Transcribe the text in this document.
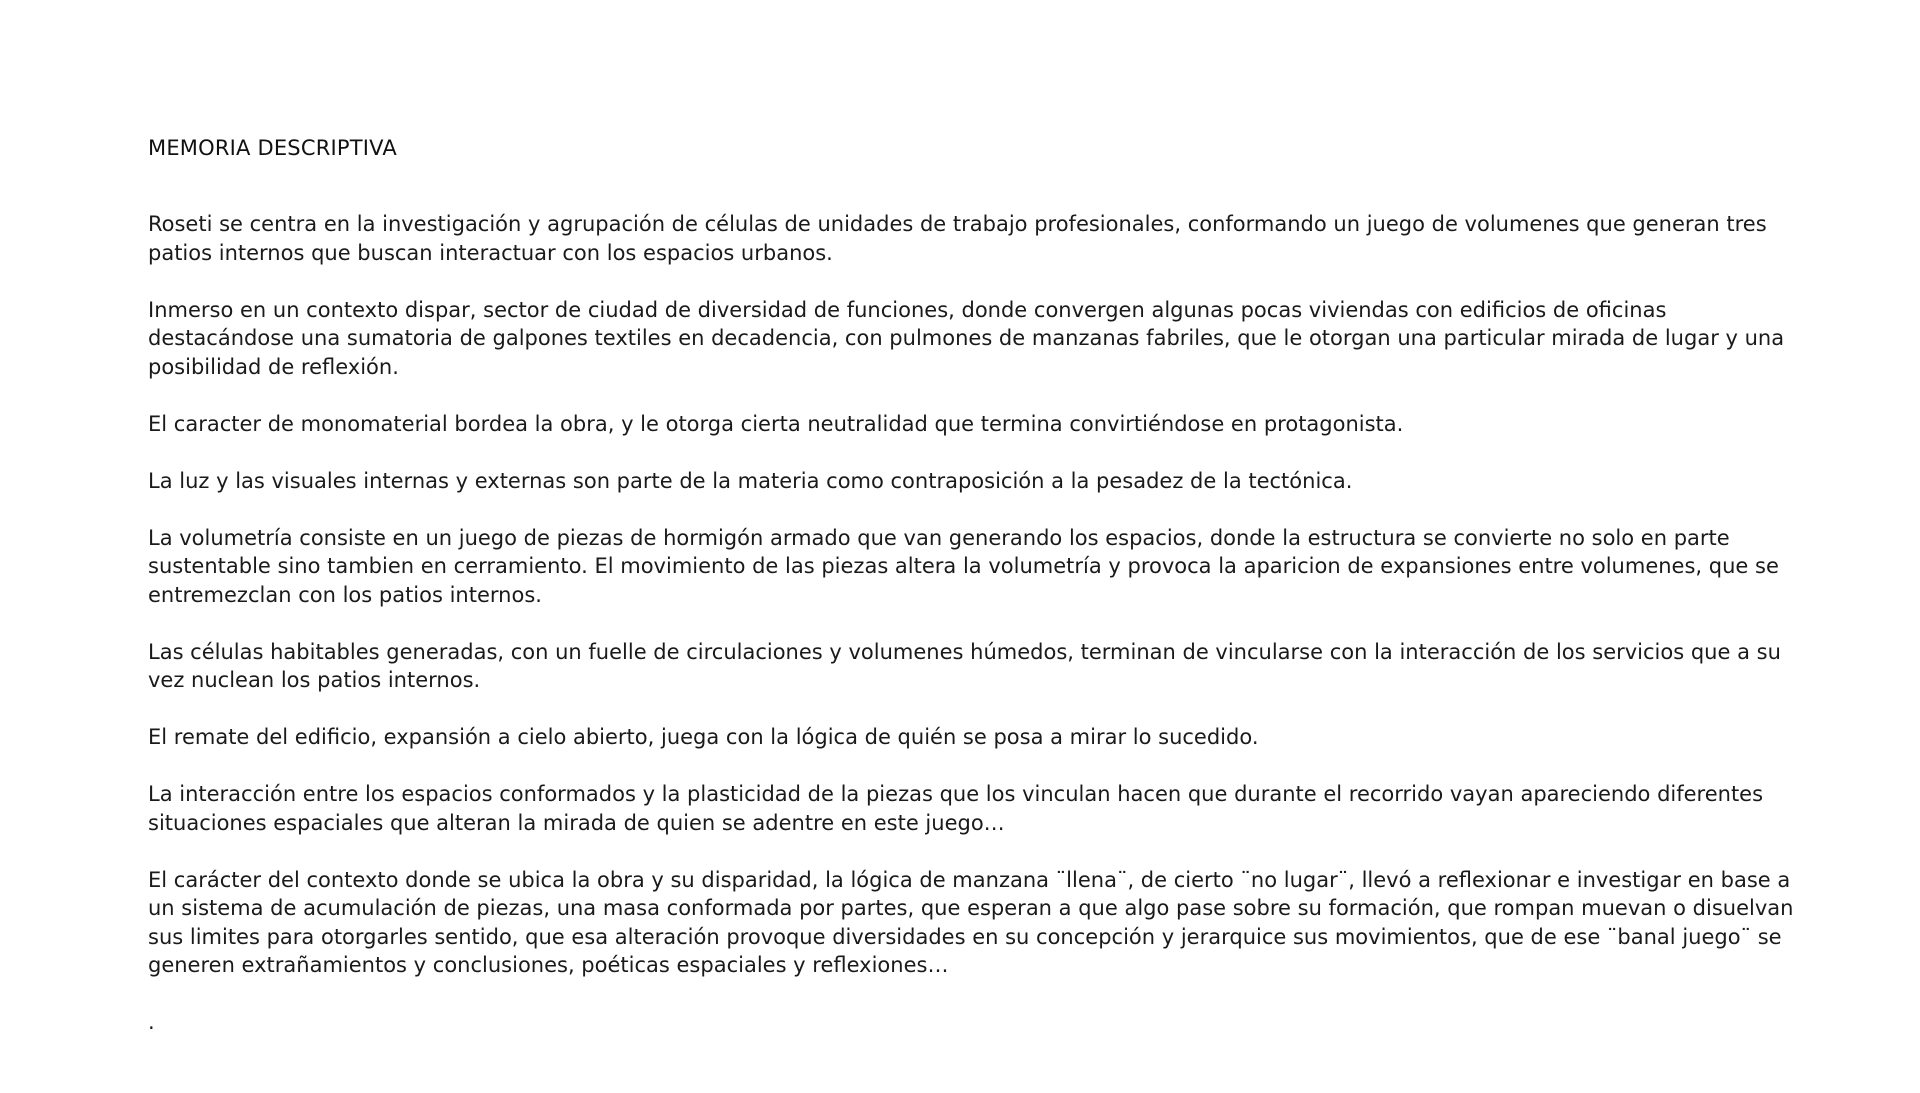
MEMORIA DESCRIPTIVA

Roseti se centra en la investigación y agrupación de células de unidades de trabajo profesionales, conformando un juego de volumenes que generan tres patios internos que buscan interactuar con los espacios urbanos.

Inmerso en un contexto dispar, sector de ciudad de diversidad de funciones, donde convergen algunas pocas viviendas con edificios de oficinas destacándose una sumatoria de galpones textiles en decadencia, con pulmones de manzanas fabriles, que le otorgan una particular mirada de lugar y una posibilidad de reflexión.

El caracter de monomaterial bordea la obra, y le otorga cierta neutralidad que termina convirtiéndose en protagonista.

La luz y las visuales internas y externas son parte de la materia como contraposición a la pesadez de la tectónica.

La volumetría consiste en un juego de piezas de hormigón armado que van generando los espacios, donde la estructura se convierte no solo en parte sustentable sino tambien en cerramiento. El movimiento de las piezas altera la volumetría y provoca la aparicion de expansiones entre volumenes, que se entremezclan con los patios internos.

Las células habitables generadas, con un fuelle de circulaciones y volumenes húmedos, terminan de vincularse con la interacción de los servicios que a su vez nuclean los patios internos.

El remate del edificio, expansión a cielo abierto, juega con la lógica de quién se posa a mirar lo sucedido.

La interacción entre los espacios conformados y la plasticidad de la piezas que los vinculan hacen que durante el recorrido vayan apareciendo diferentes situaciones espaciales que alteran la mirada de quien se adentre en este juego…

El carácter del contexto donde se ubica la obra y su disparidad, la lógica de manzana ¨llena¨, de cierto ¨no lugar¨, llevó a reflexionar e investigar en base a un sistema de acumulación de piezas, una masa conformada por partes, que esperan a que algo pase sobre su formación, que rompan muevan o disuelvan sus limites para otorgarles sentido, que esa alteración provoque diversidades en su concepción y jerarquice sus movimientos, que de ese ¨banal juego¨ se generen extrañamientos y conclusiones, poéticas espaciales y reflexiones…

.
